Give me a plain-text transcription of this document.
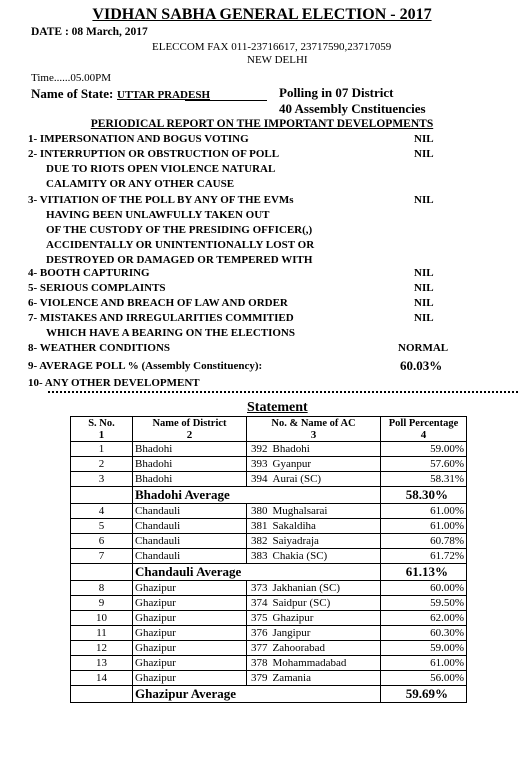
VIDHAN SABHA GENERAL ELECTION - 2017
DATE : 08 March, 2017
ELECCOM FAX 011-23716617, 23717590,23717059
NEW DELHI
Time......05.00PM
Name of State: UTTAR PRADESH	Polling in 07 District
40 Assembly Cnstituencies
PERIODICAL REPORT ON THE IMPORTANT DEVELOPMENTS
1- IMPERSONATION AND BOGUS VOTING	NIL
2- INTERRUPTION OR OBSTRUCTION OF POLL
DUE TO RIOTS OPEN VIOLENCE NATURAL
CALAMITY OR ANY OTHER CAUSE
NIL
3- VITIATION OF THE POLL BY ANY OF THE EVMs
HAVING BEEN UNLAWFULLY TAKEN OUT
OF THE CUSTODY OF THE PRESIDING OFFICER(,)
ACCIDENTALLY OR UNINTENTIONALLY LOST OR
DESTROYED OR DAMAGED OR TEMPERED WITH
NIL
4- BOOTH CAPTURING	NIL
5- SERIOUS COMPLAINTS	NIL
6- VIOLENCE AND BREACH OF LAW AND ORDER	NIL
7- MISTAKES AND IRREGULARITIES COMMITIED
WHICH HAVE A BEARING ON THE ELECTIONS
NIL
8- WEATHER CONDITIONS	NORMAL
9- AVERAGE POLL % (Assembly Constituency):	60.03%
10- ANY OTHER DEVELOPMENT
Statement
S. No.	Name of District	No. & Name of AC		Poll Percentage
1	2	3		4
1	Bhadohi	392	Bhadohi	59.00%
2	Bhadohi	393	Gyanpur	57.60%
3	Bhadohi	394	Aurai (SC)	58.31%
	Bhadohi Average			58.30%
4	Chandauli	380	Mughalsarai	61.00%
5	Chandauli	381	Sakaldiha	61.00%
6	Chandauli	382	Saiyadraja	60.78%
7	Chandauli	383	Chakia (SC)	61.72%
	Chandauli Average			61.13%
8	Ghazipur	373	Jakhanian (SC)	60.00%
9	Ghazipur	374	Saidpur (SC)	59.50%
10	Ghazipur	375	Ghazipur	62.00%
11	Ghazipur	376	Jangipur	60.30%
12	Ghazipur	377	Zahoorabad	59.00%
13	Ghazipur	378	Mohammadabad	61.00%
14	Ghazipur	379	Zamania	56.00%
	Ghazipur Average			59.69%
